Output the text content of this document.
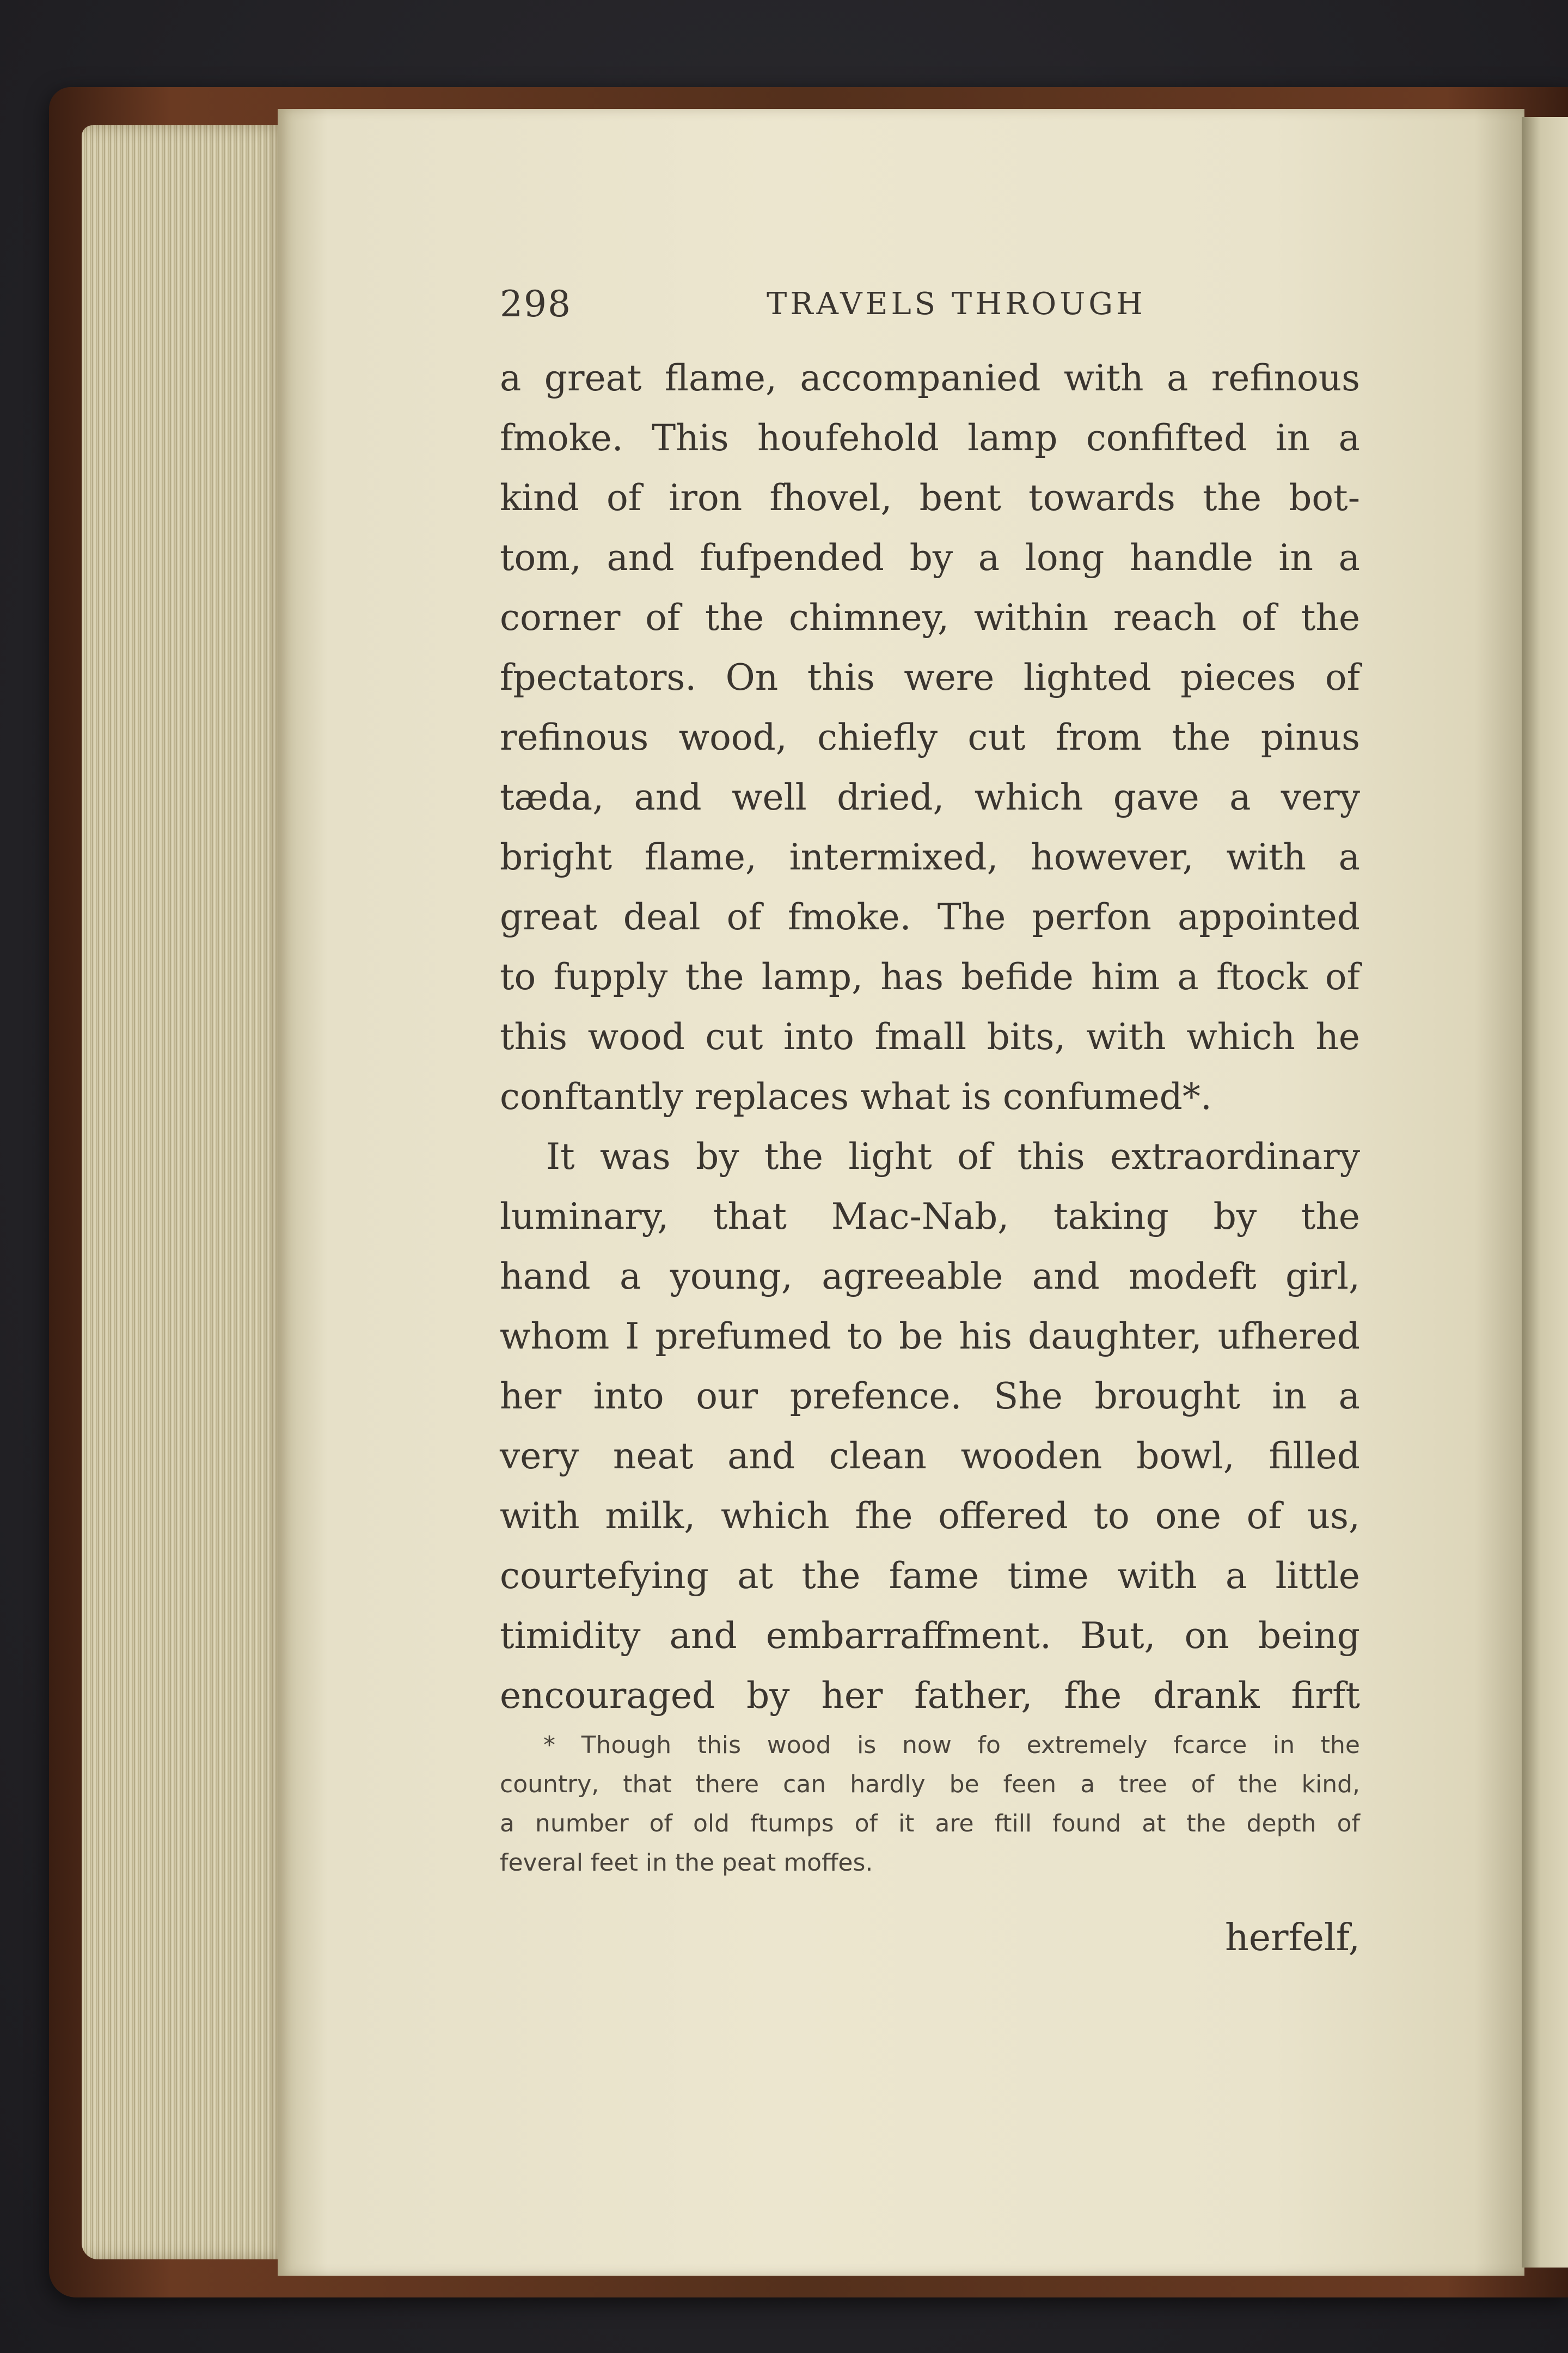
298	TRAVELS THROUGH
a great flame, accompanied with a refinous
fmoke. This houfehold lamp confifted in a
kind of iron fhovel, bent towards the bot-
tom, and fufpended by a long handle in a
corner of the chimney, within reach of the
fpectators. On this were lighted pieces of
refinous wood, chiefly cut from the pinus
tæda, and well dried, which gave a very
bright flame, intermixed, however, with a
great deal of fmoke. The perfon appointed
to fupply the lamp, has befide him a ftock of
this wood cut into fmall bits, with which he
conftantly replaces what is confumed*.
It was by the light of this extraordinary
luminary, that Mac-Nab, taking by the
hand a young, agreeable and modeft girl,
whom I prefumed to be his daughter, ufhered
her into our prefence. She brought in a
very neat and clean wooden bowl, filled
with milk, which fhe offered to one of us,
courtefying at the fame time with a little
timidity and embarraffment. But, on being
encouraged by her father, fhe drank firft
* Though this wood is now fo extremely fcarce in the
country, that there can hardly be feen a tree of the kind,
a number of old ftumps of it are ftill found at the depth of
feveral feet in the peat moffes.
herfelf,
